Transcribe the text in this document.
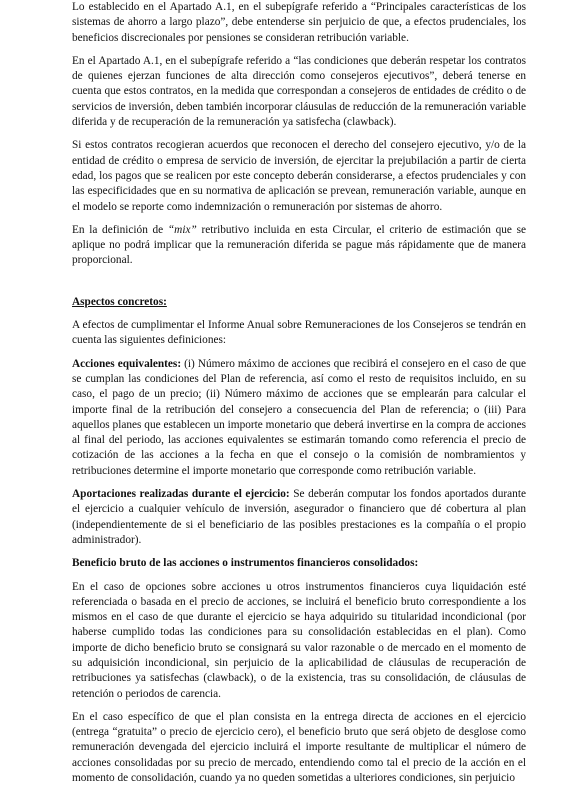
Lo establecido en el Apartado A.1, en el subepígrafe referido a “Principales características de los sistemas de ahorro a largo plazo”, debe entenderse sin perjuicio de que, a efectos prudenciales, los beneficios discrecionales por pensiones se consideran retribución variable.

En el Apartado A.1, en el subepígrafe referido a “las condiciones que deberán respetar los contratos de quienes ejerzan funciones de alta dirección como consejeros ejecutivos”, deberá tenerse en cuenta que estos contratos, en la medida que correspondan a consejeros de entidades de crédito o de servicios de inversión, deben también incorporar cláusulas de reducción de la remuneración variable diferida y de recuperación de la remuneración ya satisfecha (clawback).

Si estos contratos recogieran acuerdos que reconocen el derecho del consejero ejecutivo, y/o de la entidad de crédito o empresa de servicio de inversión, de ejercitar la prejubilación a partir de cierta edad, los pagos que se realicen por este concepto deberán considerarse, a efectos prudenciales y con las especificidades que en su normativa de aplicación se prevean, remuneración variable, aunque en el modelo se reporte como indemnización o remuneración por sistemas de ahorro.

En la definición de “mix” retributivo incluida en esta Circular, el criterio de estimación que se aplique no podrá implicar que la remuneración diferida se pague más rápidamente que de manera proporcional.

Aspectos concretos:

A efectos de cumplimentar el Informe Anual sobre Remuneraciones de los Consejeros se tendrán en cuenta las siguientes definiciones:

Acciones equivalentes: (i) Número máximo de acciones que recibirá el consejero en el caso de que se cumplan las condiciones del Plan de referencia, así como el resto de requisitos incluido, en su caso, el pago de un precio; (ii) Número máximo de acciones que se emplearán para calcular el importe final de la retribución del consejero a consecuencia del Plan de referencia; o (iii) Para aquellos planes que establecen un importe monetario que deberá invertirse en la compra de acciones al final del periodo, las acciones equivalentes se estimarán tomando como referencia el precio de cotización de las acciones a la fecha en que el consejo o la comisión de nombramientos y retribuciones determine el importe monetario que corresponde como retribución variable.

Aportaciones realizadas durante el ejercicio: Se deberán computar los fondos aportados durante el ejercicio a cualquier vehículo de inversión, asegurador o financiero que dé cobertura al plan (independientemente de si el beneficiario de las posibles prestaciones es la compañía o el propio administrador).

Beneficio bruto de las acciones o instrumentos financieros consolidados:

En el caso de opciones sobre acciones u otros instrumentos financieros cuya liquidación esté referenciada o basada en el precio de acciones, se incluirá el beneficio bruto correspondiente a los mismos en el caso de que durante el ejercicio se haya adquirido su titularidad incondicional (por haberse cumplido todas las condiciones para su consolidación establecidas en el plan). Como importe de dicho beneficio bruto se consignará su valor razonable o de mercado en el momento de su adquisición incondicional, sin perjuicio de la aplicabilidad de cláusulas de recuperación de retribuciones ya satisfechas (clawback), o de la existencia, tras su consolidación, de cláusulas de retención o periodos de carencia.

En el caso específico de que el plan consista en la entrega directa de acciones en el ejercicio (entrega “gratuita” o precio de ejercicio cero), el beneficio bruto que será objeto de desglose como remuneración devengada del ejercicio incluirá el importe resultante de multiplicar el número de acciones consolidadas por su precio de mercado, entendiendo como tal el precio de la acción en el momento de consolidación, cuando ya no queden sometidas a ulteriores condiciones, sin perjuicio
